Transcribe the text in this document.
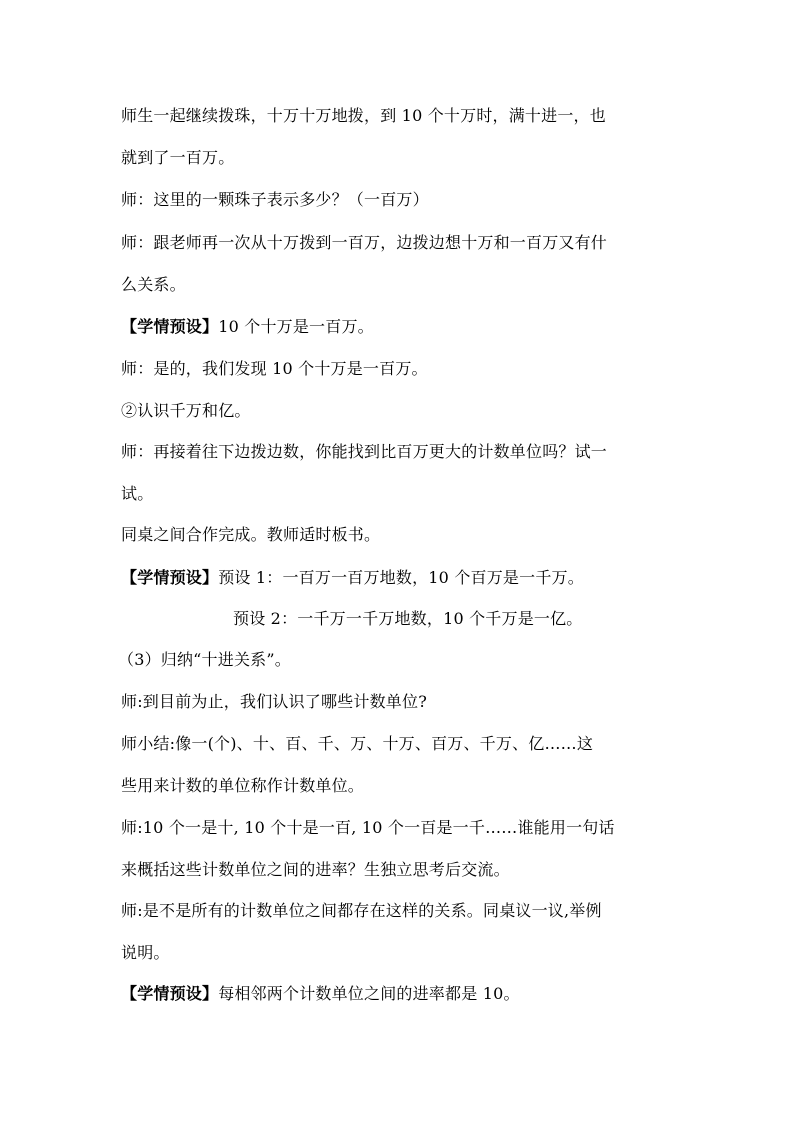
师生一起继续拨珠，十万十万地拨，到 10 个十万时，满十进一，也
就到了一百万。
师：这里的一颗珠子表示多少？（一百万）
师：跟老师再一次从十万拨到一百万，边拨边想十万和一百万又有什
么关系。
【学情预设】10 个十万是一百万。
师：是的，我们发现 10 个十万是一百万。
②认识千万和亿。
师：再接着往下边拨边数，你能找到比百万更大的计数单位吗？试一
试。
同桌之间合作完成。教师适时板书。
【学情预设】预设 1：一百万一百万地数，10 个百万是一千万。
预设 2：一千万一千万地数，10 个千万是一亿。
（3）归纳“十进关系”。
师:到目前为止，我们认识了哪些计数单位?
师小结:像一(个)、十、百、千、万、十万、百万、千万、亿……这
些用来计数的单位称作计数单位。
师:10 个一是十, 10 个十是一百, 10 个一百是一千……谁能用一句话
来概括这些计数单位之间的进率？生独立思考后交流。
师:是不是所有的计数单位之间都存在这样的关系。同桌议一议,举例
说明。
【学情预设】每相邻两个计数单位之间的进率都是 10。
